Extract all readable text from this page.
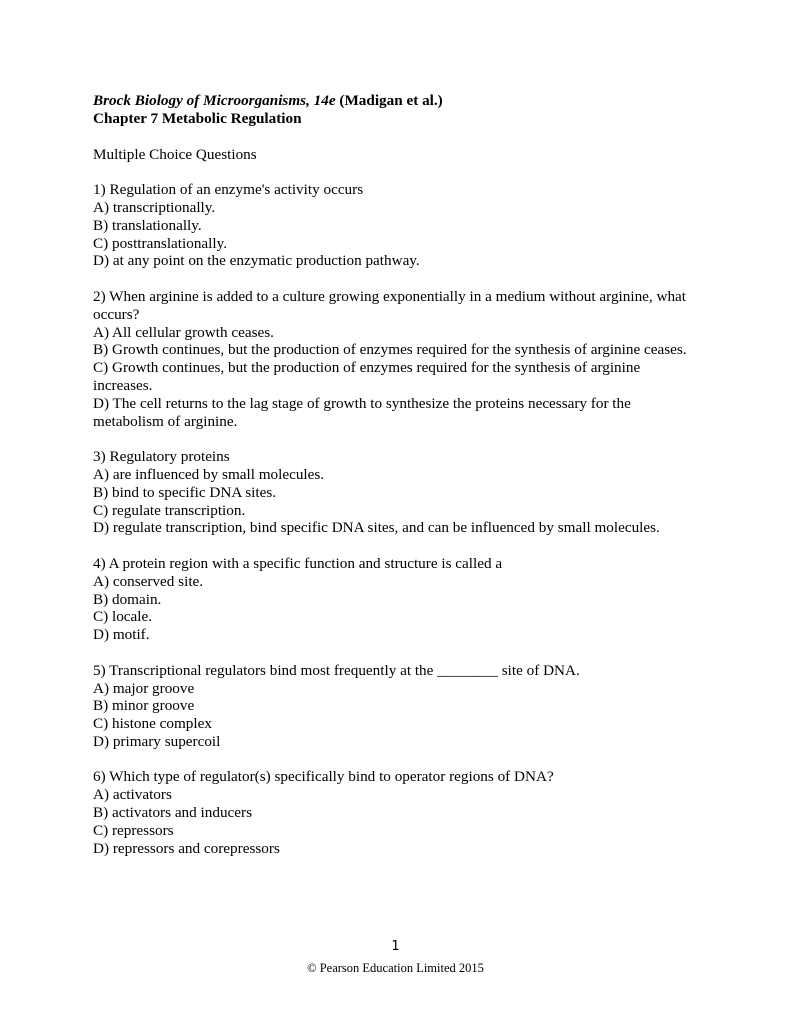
Brock Biology of Microorganisms, 14e (Madigan et al.)
Chapter 7 Metabolic Regulation
Multiple Choice Questions
1) Regulation of an enzyme's activity occurs
A) transcriptionally.
B) translationally.
C) posttranslationally.
D) at any point on the enzymatic production pathway.
2) When arginine is added to a culture growing exponentially in a medium without arginine, what occurs?
A) All cellular growth ceases.
B) Growth continues, but the production of enzymes required for the synthesis of arginine ceases.
C) Growth continues, but the production of enzymes required for the synthesis of arginine increases.
D) The cell returns to the lag stage of growth to synthesize the proteins necessary for the metabolism of arginine.
3) Regulatory proteins
A) are influenced by small molecules.
B) bind to specific DNA sites.
C) regulate transcription.
D) regulate transcription, bind specific DNA sites, and can be influenced by small molecules.
4) A protein region with a specific function and structure is called a
A) conserved site.
B) domain.
C) locale.
D) motif.
5) Transcriptional regulators bind most frequently at the ________ site of DNA.
A) major groove
B) minor groove
C) histone complex
D) primary supercoil
6) Which type of regulator(s) specifically bind to operator regions of DNA?
A) activators
B) activators and inducers
C) repressors
D) repressors and corepressors
1
© Pearson Education Limited 2015
